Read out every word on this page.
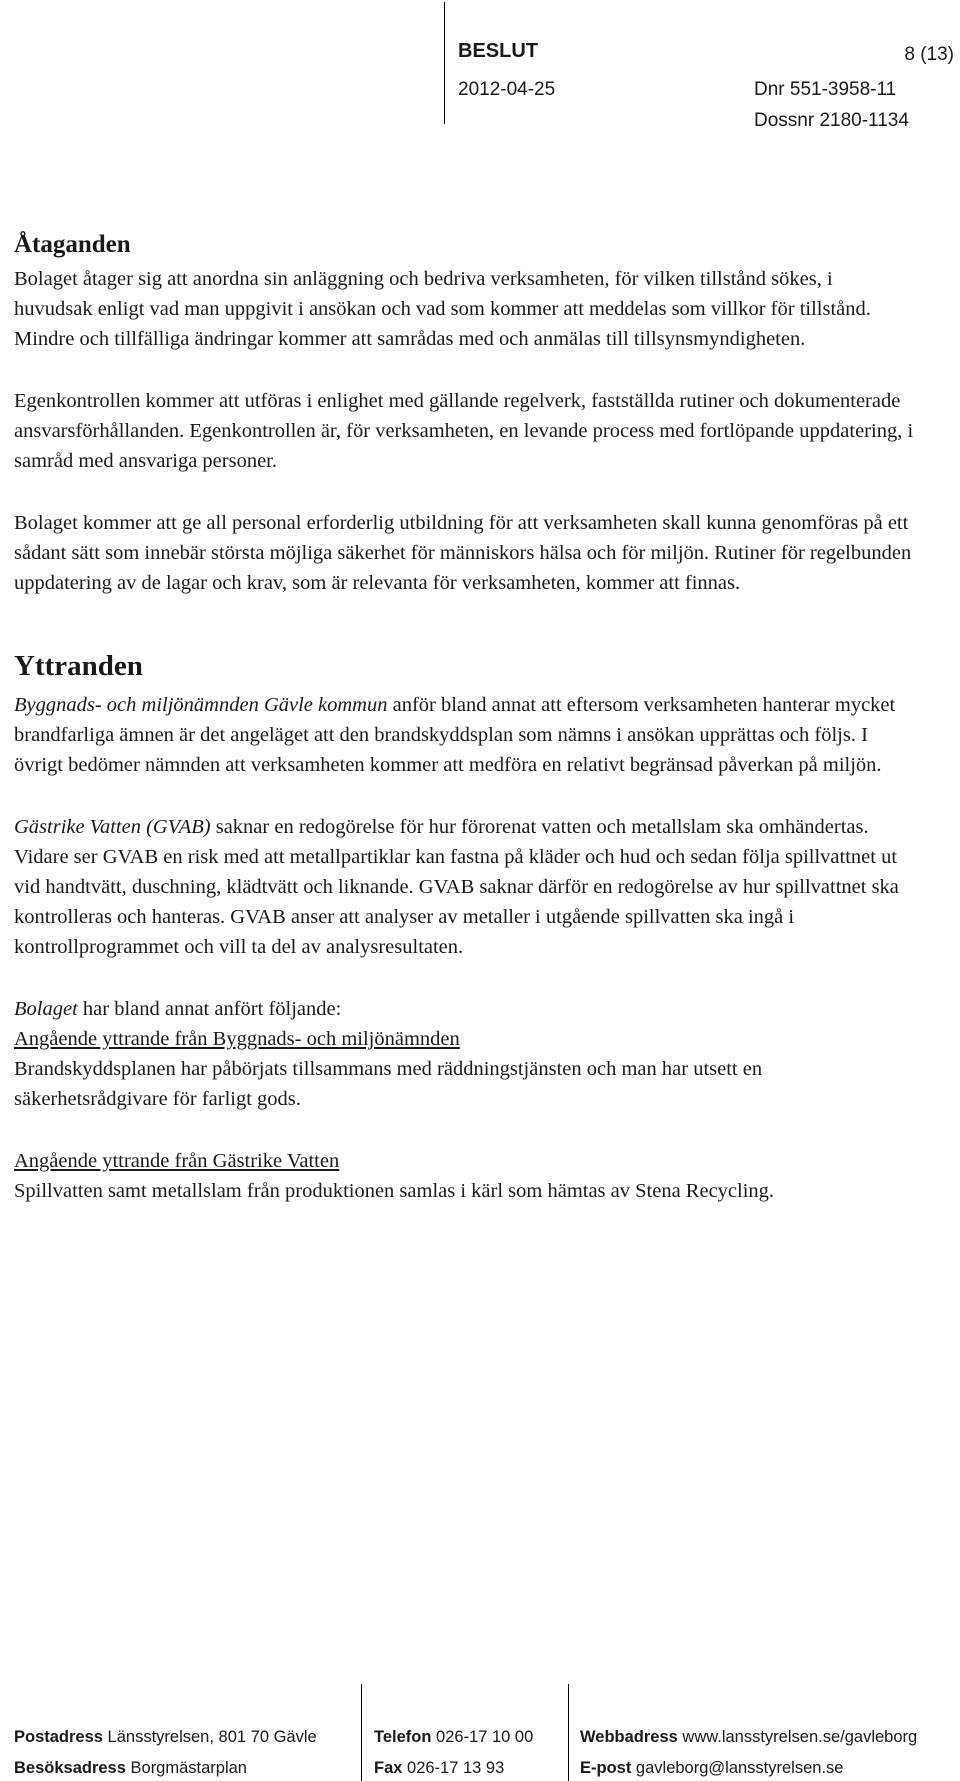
BESLUT	8 (13)
2012-04-25	Dnr 551-3958-11
Dossnr 2180-1134
Åtaganden

Bolaget åtager sig att anordna sin anläggning och bedriva verksamheten, för vilken tillstånd sökes, i huvudsak enligt vad man uppgivit i ansökan och vad som kommer att meddelas som villkor för tillstånd. Mindre och tillfälliga ändringar kommer att samrådas med och anmälas till tillsynsmyndigheten.

Egenkontrollen kommer att utföras i enlighet med gällande regelverk, fastställda rutiner och dokumenterade ansvarsförhållanden. Egenkontrollen är, för verksamheten, en levande process med fortlöpande uppdatering, i samråd med ansvariga personer.

Bolaget kommer att ge all personal erforderlig utbildning för att verksamheten skall kunna genomföras på ett sådant sätt som innebär största möjliga säkerhet för människors hälsa och för miljön. Rutiner för regelbunden uppdatering av de lagar och krav, som är relevanta för verksamheten, kommer att finnas.

Yttranden

Byggnads- och miljönämnden Gävle kommun anför bland annat att eftersom verksamheten hanterar mycket brandfarliga ämnen är det angeläget att den brandskyddsplan som nämns i ansökan upprättas och följs. I övrigt bedömer nämnden att verksamheten kommer att medföra en relativt begränsad påverkan på miljön.

Gästrike Vatten (GVAB) saknar en redogörelse för hur förorenat vatten och metallslam ska omhändertas. Vidare ser GVAB en risk med att metallpartiklar kan fastna på kläder och hud och sedan följa spillvattnet ut vid handtvätt, duschning, klädtvätt och liknande. GVAB saknar därför en redogörelse av hur spillvattnet ska kontrolleras och hanteras. GVAB anser att analyser av metaller i utgående spillvatten ska ingå i kontrollprogrammet och vill ta del av analysresultaten.

Bolaget har bland annat anfört följande:
Angående yttrande från Byggnads- och miljönämnden
Brandskyddsplanen har påbörjats tillsammans med räddningstjänsten och man har utsett en säkerhetsrådgivare för farligt gods.
Angående yttrande från Gästrike Vatten
Spillvatten samt metallslam från produktionen samlas i kärl som hämtas av Stena Recycling.
Postadress Länsstyrelsen, 801 70 Gävle
Besöksadress Borgmästarplan
Telefon 026-17 10 00
Fax 026-17 13 93
Webbadress www.lansstyrelsen.se/gavleborg
E-post gavleborg@lansstyrelsen.se
